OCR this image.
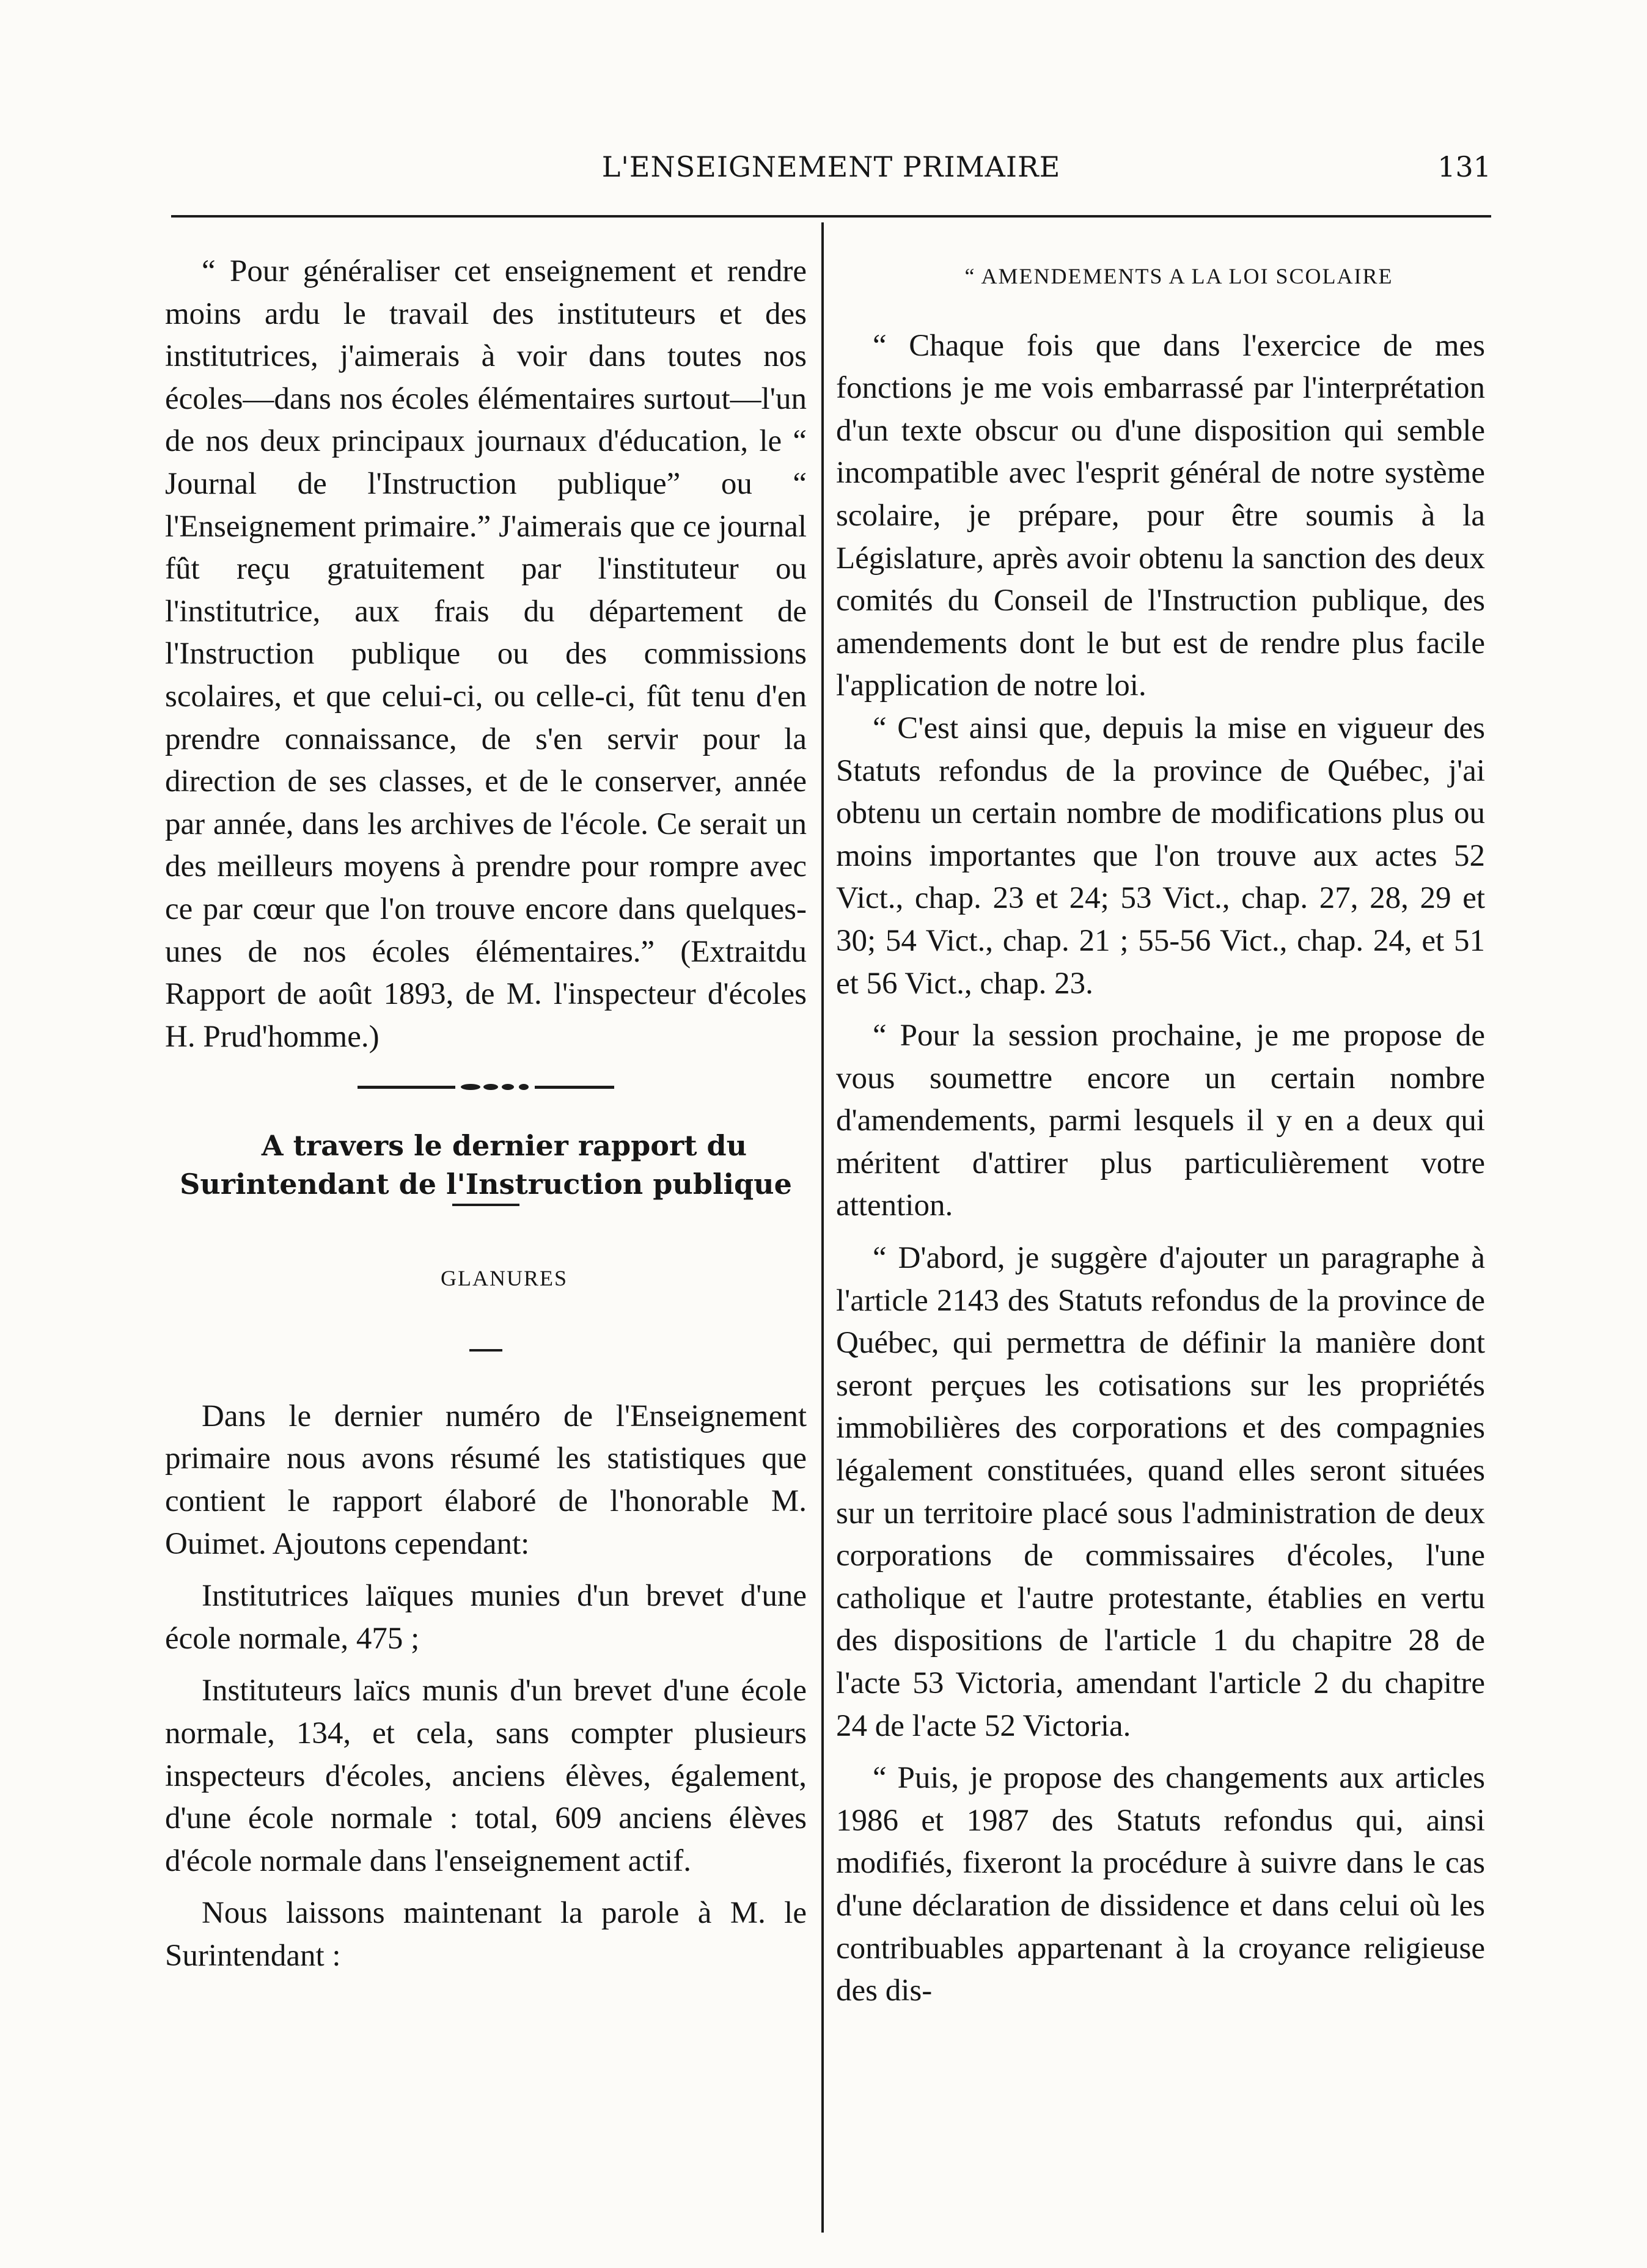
L'ENSEIGNEMENT PRIMAIRE	131

“ Pour généraliser cet enseignement et rendre moins ardu le travail des instituteurs et des institutrices, j'aimerais à voir dans toutes nos écoles—dans nos écoles élémentaires surtout—l'un de nos deux principaux journaux d'éducation, le “ Journal de l'Instruction publique” ou “ l'Enseignement primaire.” J'aimerais que ce journal fût reçu gratuitement par l'instituteur ou l'institutrice, aux frais du département de l'Instruction publique ou des commissions scolaires, et que celui-ci, ou celle-ci, fût tenu d'en prendre connaissance, de s'en servir pour la direction de ses classes, et de le conserver, année par année, dans les archives de l'école. Ce serait un des meilleurs moyens à prendre pour rompre avec ce par cœur que l'on trouve encore dans quelques-unes de nos écoles élémentaires.” (Extraitdu Rapport de août 1893, de M. l'inspecteur d'écoles H. Prud'homme.)

A travers le dernier rapport du Surintendant de l'Instruction publique

GLANURES

Dans le dernier numéro de l'Enseignement primaire nous avons résumé les statistiques que contient le rapport élaboré de l'honorable M. Ouimet. Ajoutons cependant:

Institutrices laïques munies d'un brevet d'une école normale, 475 ;

Instituteurs laïcs munis d'un brevet d'une école normale, 134, et cela, sans compter plusieurs inspecteurs d'écoles, anciens élèves, également, d'une école normale : total, 609 anciens élèves d'école normale dans l'enseignement actif.

Nous laissons maintenant la parole à M. le Surintendant :

“ AMENDEMENTS A LA LOI SCOLAIRE

“ Chaque fois que dans l'exercice de mes fonctions je me vois embarrassé par l'interprétation d'un texte obscur ou d'une disposition qui semble incompatible avec l'esprit général de notre système scolaire, je prépare, pour être soumis à la Législature, après avoir obtenu la sanction des deux comités du Conseil de l'Instruction publique, des amendements dont le but est de rendre plus facile l'application de notre loi.

“ C'est ainsi que, depuis la mise en vigueur des Statuts refondus de la province de Québec, j'ai obtenu un certain nombre de modifications plus ou moins importantes que l'on trouve aux actes 52 Vict., chap. 23 et 24; 53 Vict., chap. 27, 28, 29 et 30; 54 Vict., chap. 21 ; 55-56 Vict., chap. 24, et 51 et 56 Vict., chap. 23.

“ Pour la session prochaine, je me propose de vous soumettre encore un certain nombre d'amendements, parmi lesquels il y en a deux qui méritent d'attirer plus particulièrement votre attention.

“ D'abord, je suggère d'ajouter un paragraphe à l'article 2143 des Statuts refondus de la province de Québec, qui permettra de définir la manière dont seront perçues les cotisations sur les propriétés immobilières des corporations et des compagnies légalement constituées, quand elles seront situées sur un territoire placé sous l'administration de deux corporations de commissaires d'écoles, l'une catholique et l'autre protestante, établies en vertu des dispositions de l'article 1 du chapitre 28 de l'acte 53 Victoria, amendant l'article 2 du chapitre 24 de l'acte 52 Victoria.

“ Puis, je propose des changements aux articles 1986 et 1987 des Statuts refondus qui, ainsi modifiés, fixeront la procédure à suivre dans le cas d'une déclaration de dissidence et dans celui où les contribuables appartenant à la croyance religieuse des dis-
